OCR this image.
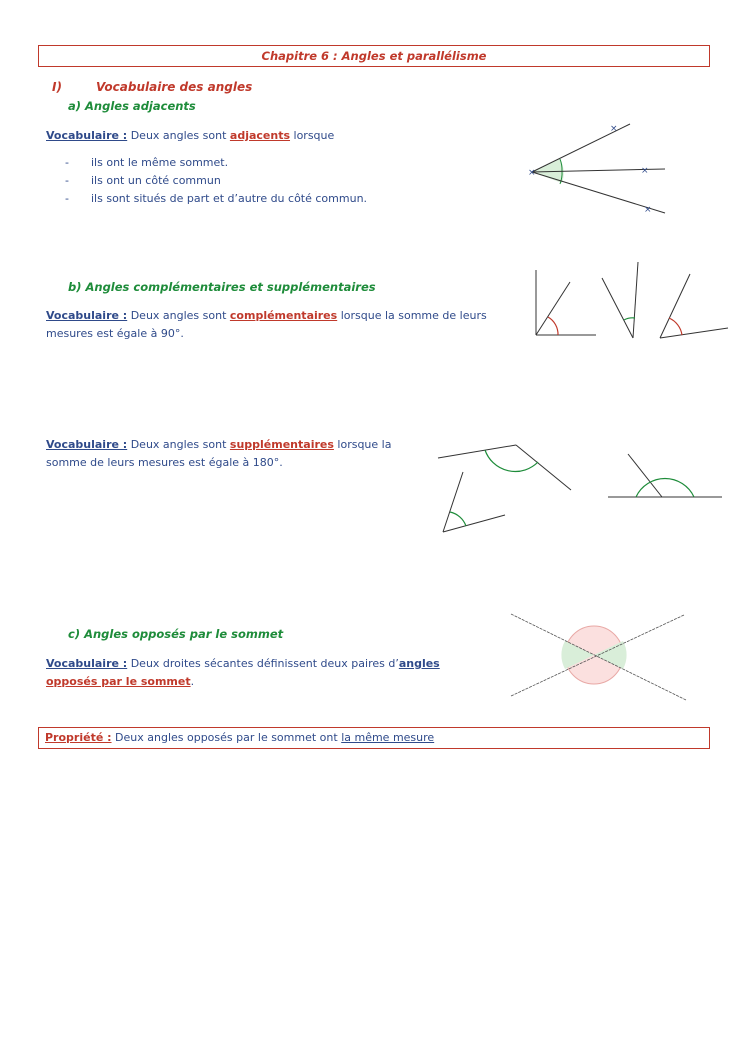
Chapitre 6 : Angles et parallélisme
I)	Vocabulaire des angles
a) Angles adjacents
Vocabulaire : Deux angles sont adjacents lorsque
- ils ont le même sommet.
- ils ont un côté commun
- ils sont situés de part et d’autre du côté commun.
×
×
×
×
b) Angles complémentaires et supplémentaires
Vocabulaire : Deux angles sont complémentaires lorsque la somme de leurs mesures est égale à 90°.
Vocabulaire : Deux angles sont supplémentaires lorsque la somme de leurs mesures est égale à 180°.
c) Angles opposés par le sommet
Vocabulaire : Deux droites sécantes définissent deux paires d’angles
opposés par le sommet.
Propriété : Deux angles opposés par le sommet ont la même mesure
